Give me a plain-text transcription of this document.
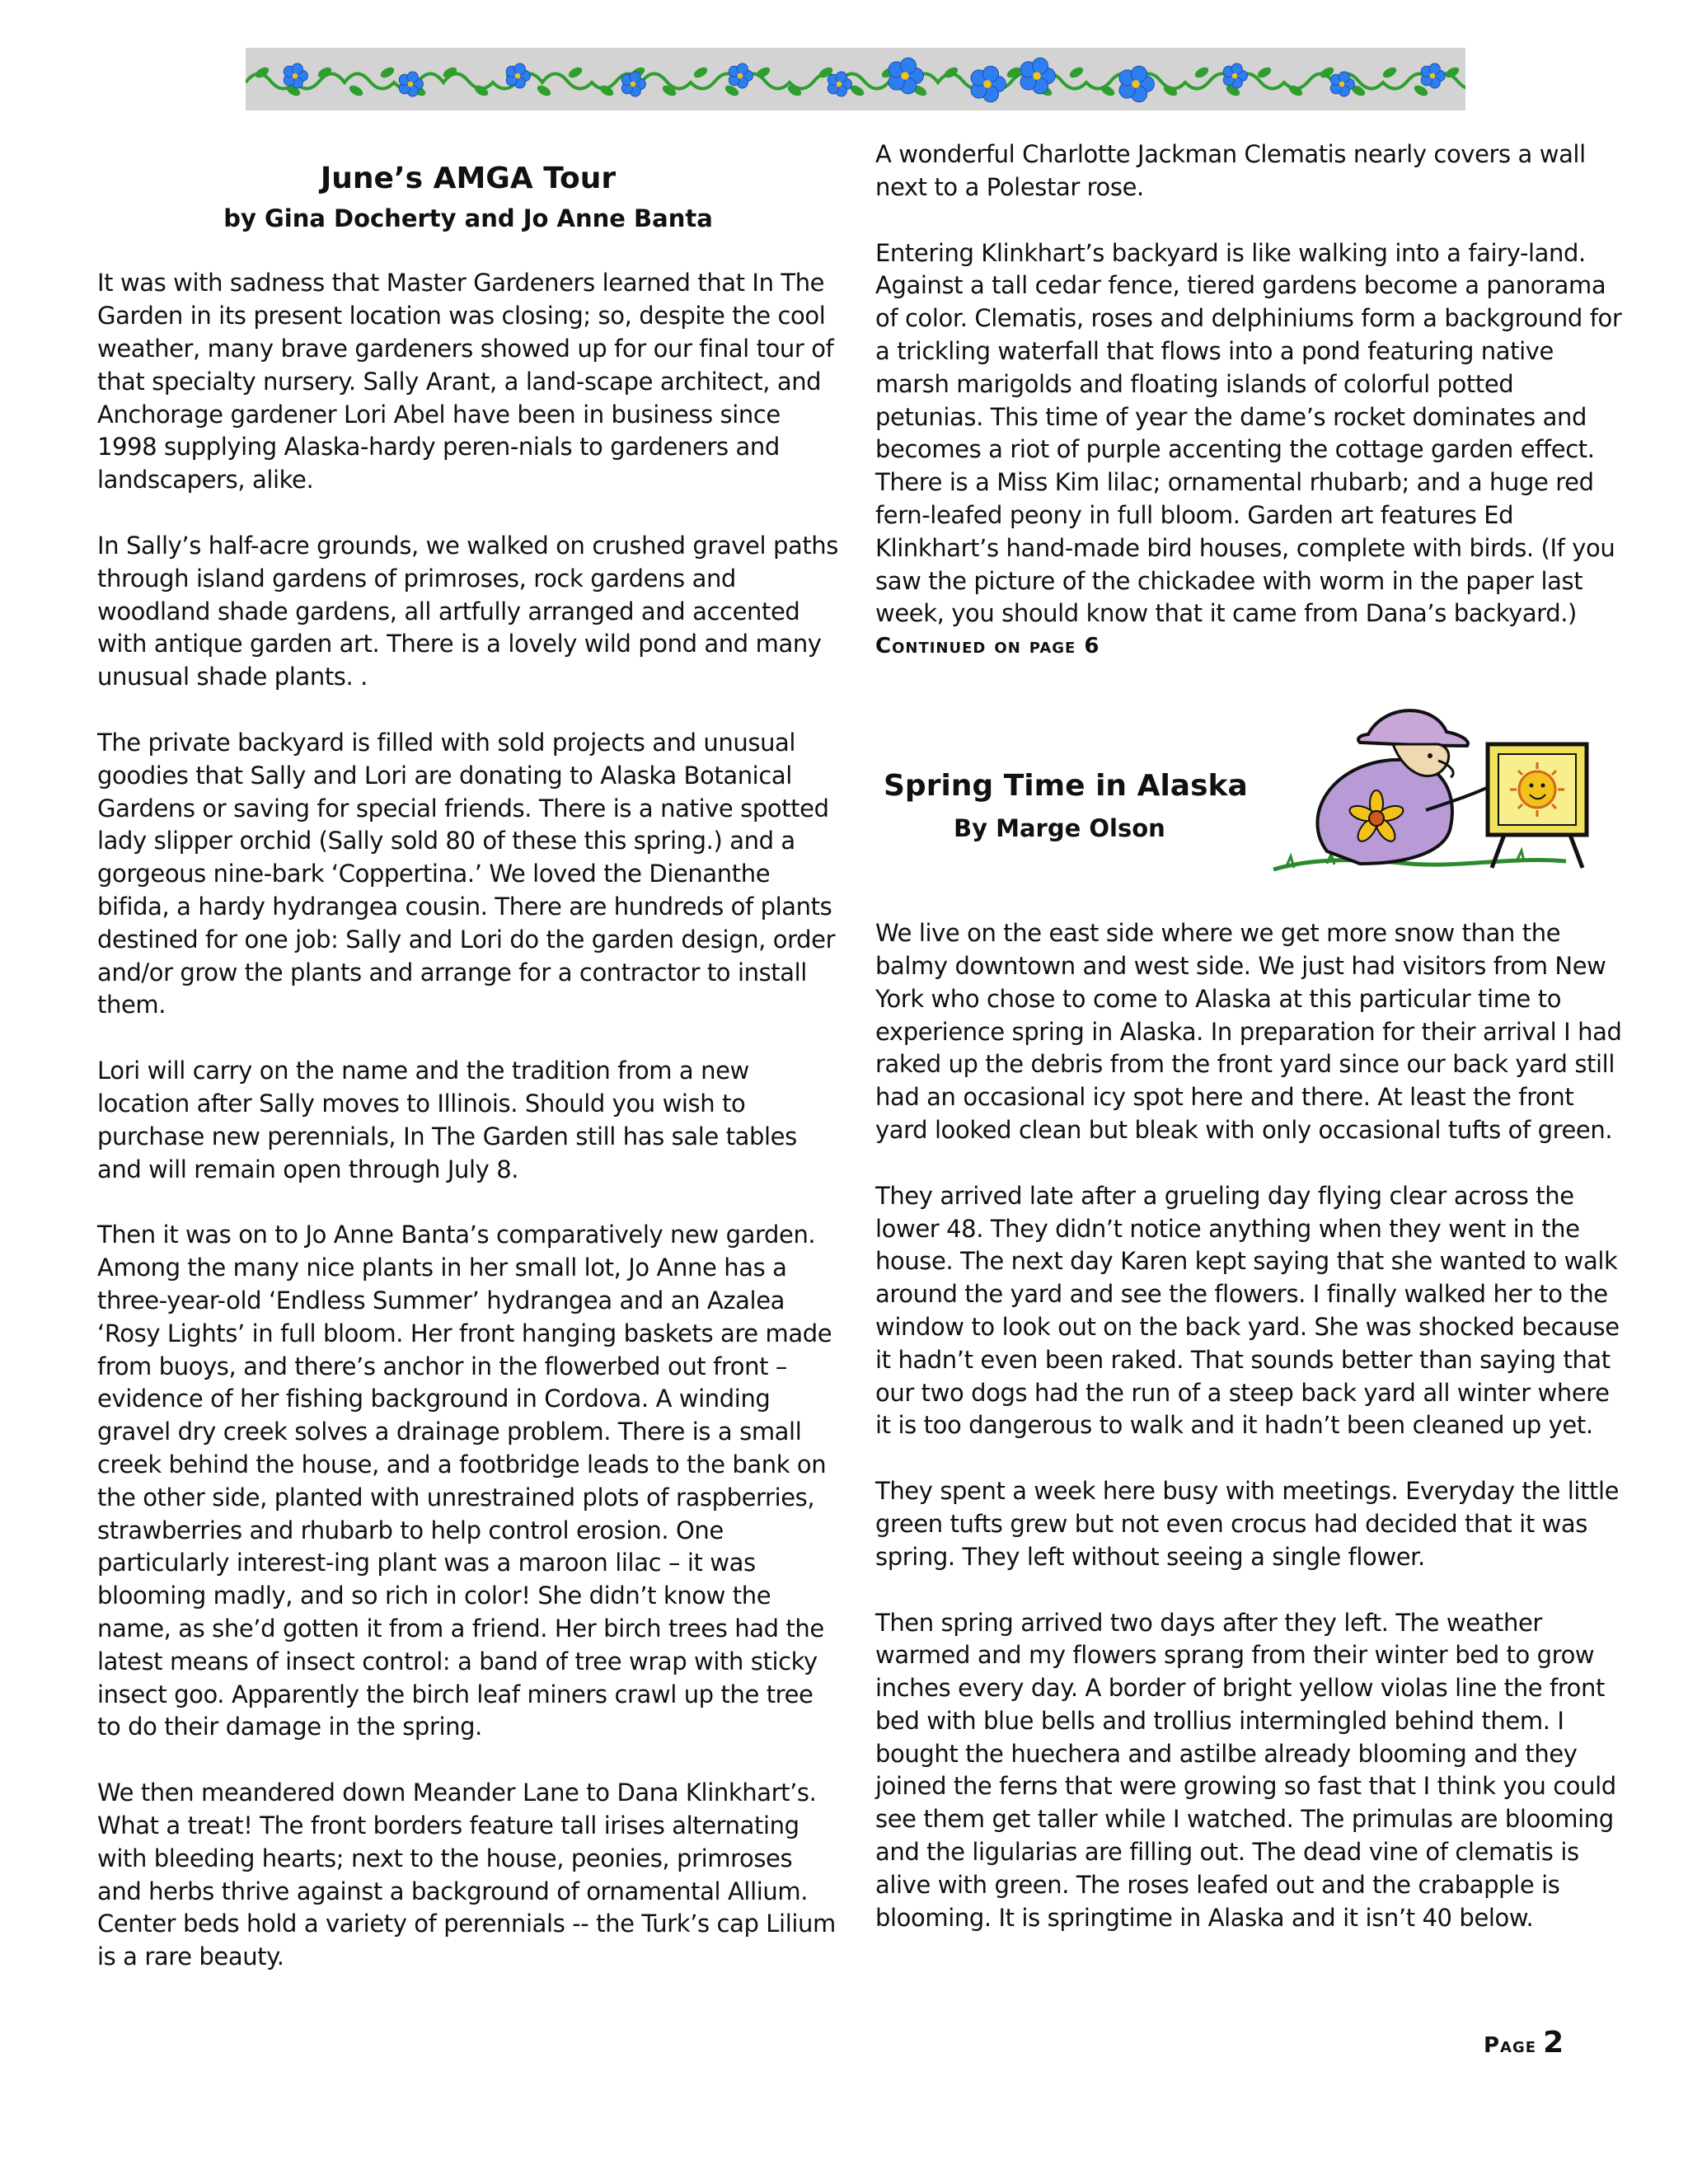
June’s AMGA Tour
by Gina Docherty and Jo Anne Banta

It was with sadness that Master Gardeners learned that In The Garden in its present location was closing; so, despite the cool weather, many brave gardeners showed up for our final tour of that specialty nursery. Sally Arant, a land-scape architect, and Anchorage gardener Lori Abel have been in business since 1998 supplying Alaska-hardy peren-nials to gardeners and landscapers, alike.

In Sally’s half-acre grounds, we walked on crushed gravel paths through island gardens of primroses, rock gardens and woodland shade gardens, all artfully arranged and accented with antique garden art. There is a lovely wild pond and many unusual shade plants. .

The private backyard is filled with sold projects and unusual goodies that Sally and Lori are donating to Alaska Botanical Gardens or saving for special friends. There is a native spotted lady slipper orchid (Sally sold 80 of these this spring.) and a gorgeous nine-bark ‘Coppertina.’ We loved the Dienanthe bifida, a hardy hydrangea cousin. There are hundreds of plants destined for one job: Sally and Lori do the garden design, order and/or grow the plants and arrange for a contractor to install them.

Lori will carry on the name and the tradition from a new location after Sally moves to Illinois. Should you wish to purchase new perennials, In The Garden still has sale tables and will remain open through July 8.

Then it was on to Jo Anne Banta’s comparatively new garden. Among the many nice plants in her small lot, Jo Anne has a three-year-old ‘Endless Summer’ hydrangea and an Azalea ‘Rosy Lights’ in full bloom. Her front hanging baskets are made from buoys, and there’s anchor in the flowerbed out front – evidence of her fishing background in Cordova. A winding gravel dry creek solves a drainage problem. There is a small creek behind the house, and a footbridge leads to the bank on the other side, planted with unrestrained plots of raspberries, strawberries and rhubarb to help control erosion. One particularly interest-ing plant was a maroon lilac – it was blooming madly, and so rich in color! She didn’t know the name, as she’d gotten it from a friend. Her birch trees had the latest means of insect control: a band of tree wrap with sticky insect goo. Apparently the birch leaf miners crawl up the tree to do their damage in the spring.

We then meandered down Meander Lane to Dana Klinkhart’s. What a treat! The front borders feature tall irises alternating with bleeding hearts; next to the house, peonies, primroses and herbs thrive against a background of ornamental Allium. Center beds hold a variety of perennials -- the Turk’s cap Lilium is a rare beauty.

A wonderful Charlotte Jackman Clematis nearly covers a wall next to a Polestar rose.

Entering Klinkhart’s backyard is like walking into a fairy-land. Against a tall cedar fence, tiered gardens become a panorama of color. Clematis, roses and delphiniums form a background for a trickling waterfall that flows into a pond featuring native marsh marigolds and floating islands of colorful potted petunias. This time of year the dame’s rocket dominates and becomes a riot of purple accenting the cottage garden effect. There is a Miss Kim lilac; ornamental rhubarb; and a huge red fern-leafed peony in full bloom. Garden art features Ed Klinkhart’s hand-made bird houses, complete with birds. (If you saw the picture of the chickadee with worm in the paper last week, you should know that it came from Dana’s backyard.)

Continued on page 6

Spring Time in Alaska
By Marge Olson

We live on the east side where we get more snow than the balmy downtown and west side. We just had visitors from New York who chose to come to Alaska at this particular time to experience spring in Alaska. In preparation for their arrival I had raked up the debris from the front yard since our back yard still had an occasional icy spot here and there. At least the front yard looked clean but bleak with only occasional tufts of green.

They arrived late after a grueling day flying clear across the lower 48. They didn’t notice anything when they went in the house. The next day Karen kept saying that she wanted to walk around the yard and see the flowers. I finally walked her to the window to look out on the back yard. She was shocked because it hadn’t even been raked. That sounds better than saying that our two dogs had the run of a steep back yard all winter where it is too dangerous to walk and it hadn’t been cleaned up yet.

They spent a week here busy with meetings. Everyday the little green tufts grew but not even crocus had decided that it was spring. They left without seeing a single flower.

Then spring arrived two days after they left. The weather warmed and my flowers sprang from their winter bed to grow inches every day. A border of bright yellow violas line the front bed with blue bells and trollius intermingled behind them. I bought the huechera and astilbe already blooming and they joined the ferns that were growing so fast that I think you could see them get taller while I watched. The primulas are blooming and the ligularias are filling out. The dead vine of clematis is alive with green. The roses leafed out and the crabapple is blooming. It is springtime in Alaska and it isn’t 40 below.

Page 2
